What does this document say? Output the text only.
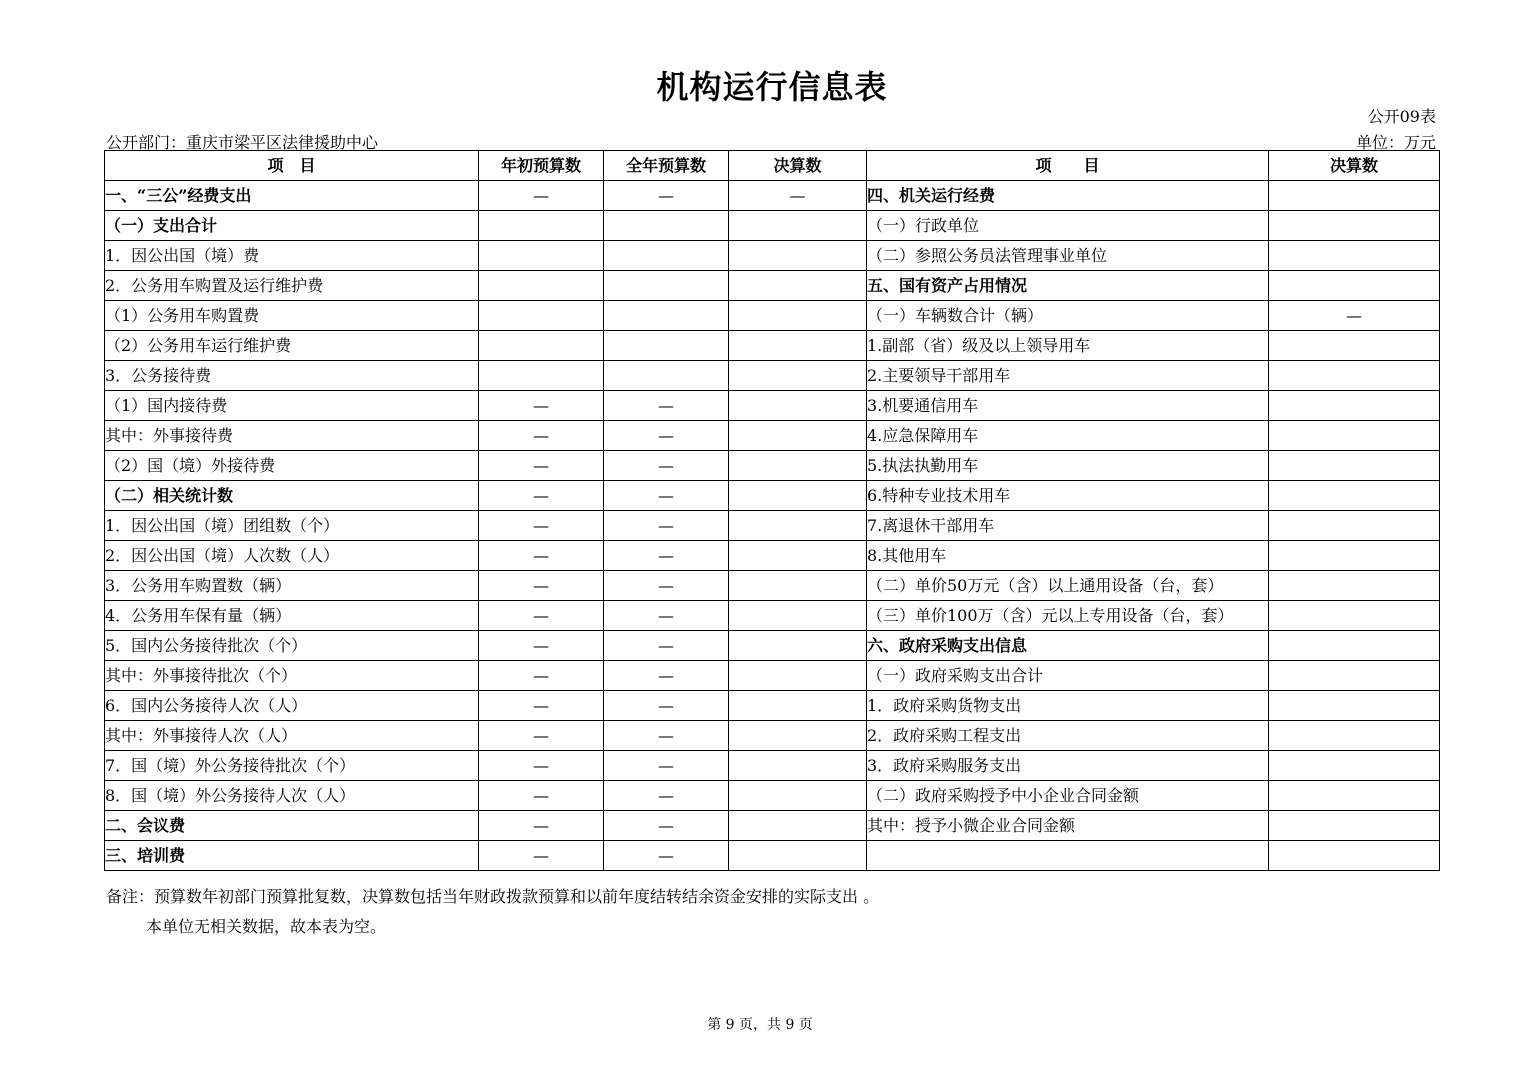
机构运行信息表
公开09表
公开部门：重庆市梁平区法律援助中心	单位：万元
项　目	年初预算数	全年预算数	决算数	项　　目	决算数
一、“三公”经费支出	—	—	—	四、机关运行经费	
（一）支出合计				（一）行政单位	
1．因公出国（境）费				（二）参照公务员法管理事业单位	
2．公务用车购置及运行维护费				五、国有资产占用情况	
（1）公务用车购置费				（一）车辆数合计（辆）	—
（2）公务用车运行维护费				1.副部（省）级及以上领导用车	
3．公务接待费				2.主要领导干部用车	
（1）国内接待费	—	—		3.机要通信用车	
其中：外事接待费	—	—		4.应急保障用车	
（2）国（境）外接待费	—	—		5.执法执勤用车	
（二）相关统计数	—	—		6.特种专业技术用车	
1．因公出国（境）团组数（个）	—	—		7.离退休干部用车	
2．因公出国（境）人次数（人）	—	—		8.其他用车	
3．公务用车购置数（辆）	—	—		（二）单价50万元（含）以上通用设备（台，套）	
4．公务用车保有量（辆）	—	—		（三）单价100万（含）元以上专用设备（台，套）	
5．国内公务接待批次（个）	—	—		六、政府采购支出信息	
其中：外事接待批次（个）	—	—		（一）政府采购支出合计	
6．国内公务接待人次（人）	—	—		1．政府采购货物支出	
其中：外事接待人次（人）	—	—		2．政府采购工程支出	
7．国（境）外公务接待批次（个）	—	—		3．政府采购服务支出	
8．国（境）外公务接待人次（人）	—	—		（二）政府采购授予中小企业合同金额	
二、会议费	—	—		其中：授予小微企业合同金额	
三、培训费	—	—			
备注：预算数年初部门预算批复数，决算数包括当年财政拨款预算和以前年度结转结余资金安排的实际支出 。
本单位无相关数据，故本表为空。
第 9 页，共 9 页
